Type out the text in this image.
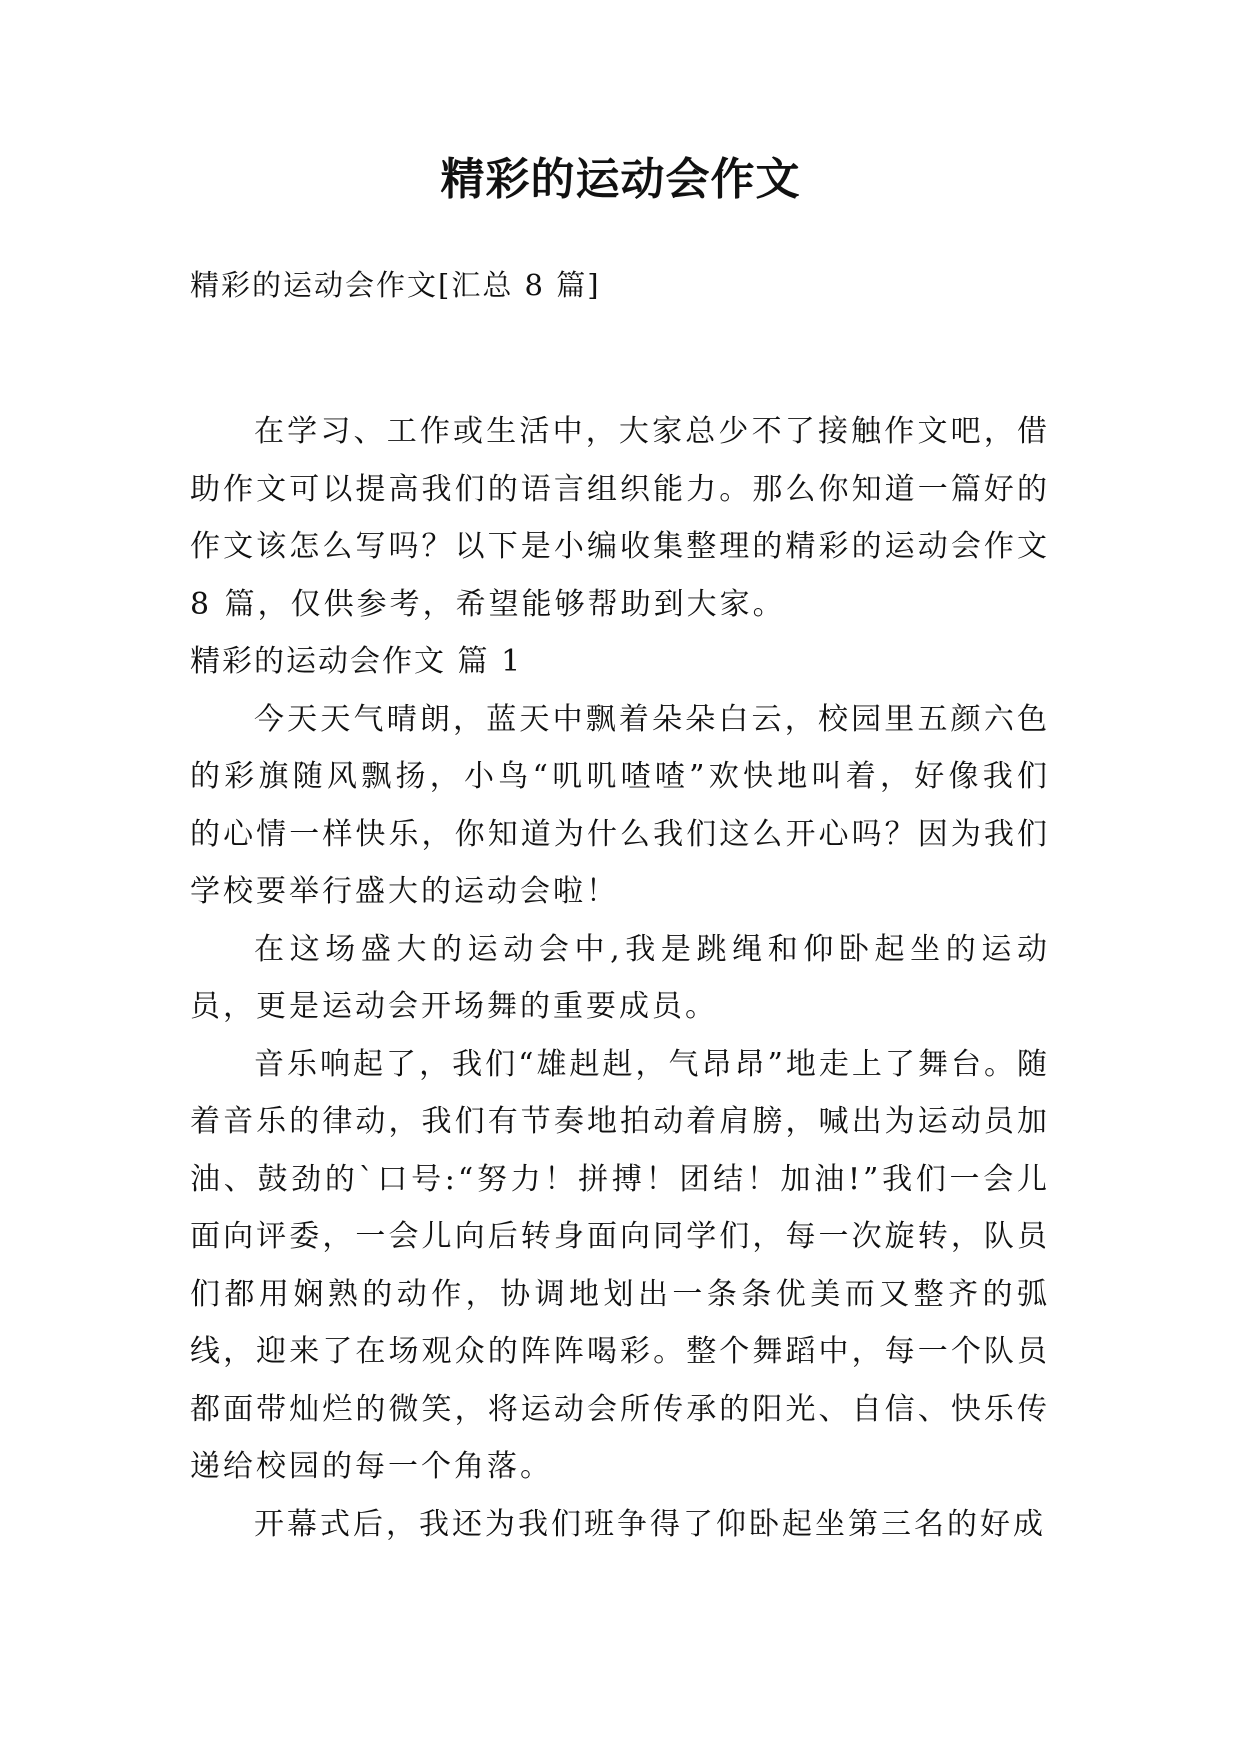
精彩的运动会作文

精彩的运动会作文[汇总 8 篇]

在学习、工作或生活中，大家总少不了接触作文吧，借助作文可以提高我们的语言组织能力。那么你知道一篇好的作文该怎么写吗？以下是小编收集整理的精彩的运动会作文 8 篇，仅供参考，希望能够帮助到大家。

精彩的运动会作文 篇 1

今天天气晴朗，蓝天中飘着朵朵白云，校园里五颜六色的彩旗随风飘扬，小鸟“叽叽喳喳”欢快地叫着，好像我们的心情一样快乐，你知道为什么我们这么开心吗？因为我们学校要举行盛大的运动会啦！

在这场盛大的运动会中,我是跳绳和仰卧起坐的运动员，更是运动会开场舞的重要成员。

音乐响起了，我们“雄赳赳，气昂昂”地走上了舞台。随着音乐的律动，我们有节奏地拍动着肩膀，喊出为运动员加油、鼓劲的`口号:“努力！拼搏！团结！加油!”我们一会儿面向评委，一会儿向后转身面向同学们，每一次旋转，队员们都用娴熟的动作，协调地划出一条条优美而又整齐的弧线，迎来了在场观众的阵阵喝彩。整个舞蹈中，每一个队员都面带灿烂的微笑，将运动会所传承的阳光、自信、快乐传递给校园的每一个角落。

开幕式后，我还为我们班争得了仰卧起坐第三名的好成
